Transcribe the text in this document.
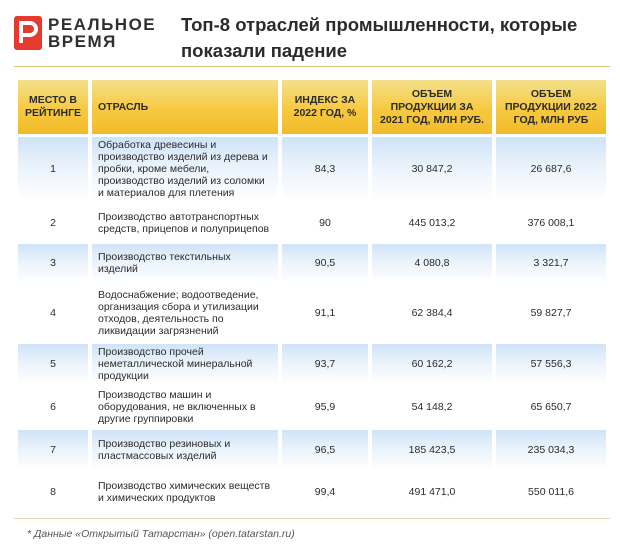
РЕАЛЬНОЕ
ВРЕМЯ
Топ-8 отраслей промышленности, которые показали падение
МЕСТО В РЕЙТИНГЕ	ОТРАСЛЬ	ИНДЕКС ЗА 2022 ГОД, %	ОБЪЕМ ПРОДУКЦИИ ЗА 2021 ГОД, МЛН РУБ.	ОБЪЕМ ПРОДУКЦИИ 2022 ГОД, МЛН РУБ
1	Обработка древесины и производство изделий из дерева и пробки, кроме мебели, производство изделий из соломки и материалов для плетения	84,3	30 847,2	26 687,6
2	Производство автотранспортных средств, прицепов и полуприцепов	90	445 013,2	376 008,1
3	Производство текстильных изделий	90,5	4 080,8	3 321,7
4	Водоснабжение; водоотведение, организация сбора и утилизации отходов, деятельность по ликвидации загрязнений	91,1	62 384,4	59 827,7
5	Производство прочей неметаллической минеральной продукции	93,7	60 162,2	57 556,3
6	Производство машин и оборудования, не включенных в другие группировки	95,9	54 148,2	65 650,7
7	Производство резиновых и пластмассовых изделий	96,5	185 423,5	235 034,3
8	Производство химических веществ и химических продуктов	99,4	491 471,0	550 011,6
* Данные «Открытый Татарстан» (open.tatarstan.ru)
